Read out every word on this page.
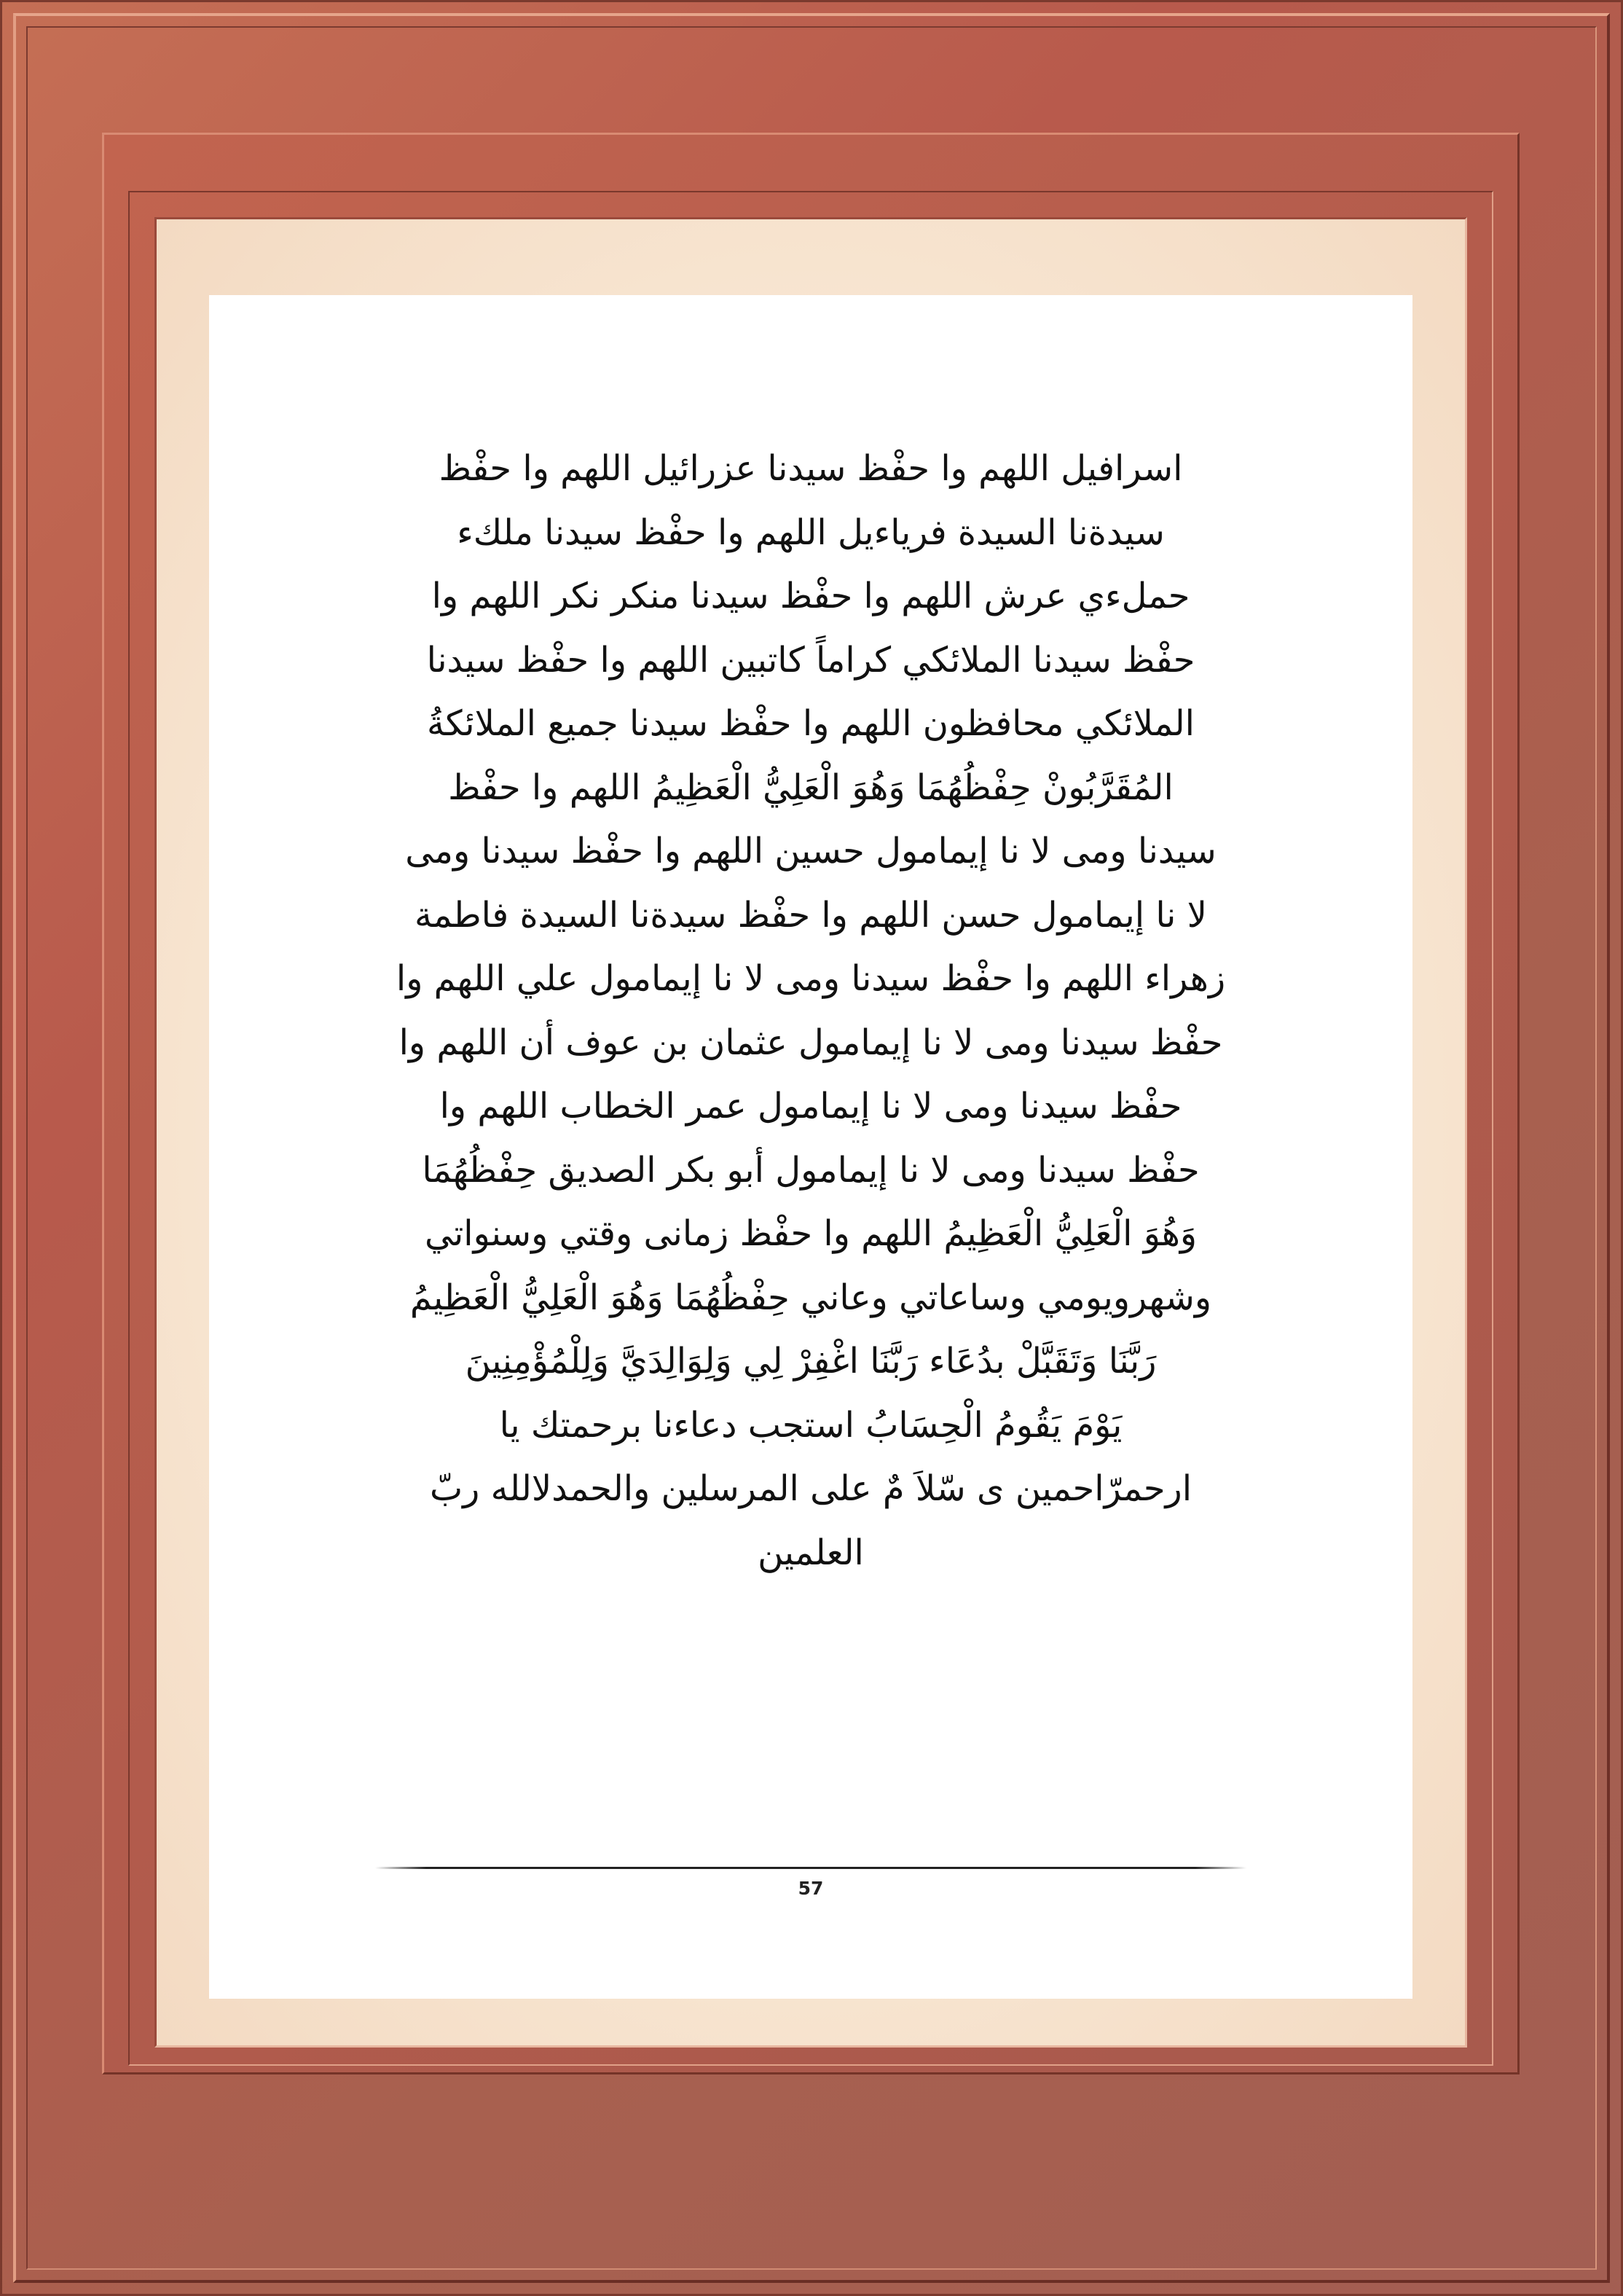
اسرافيل اللهم وا حفْظ سيدنا عزرائيل اللهم وا حفْظ
سيدةنا السيدة فرياءيل اللهم وا حفْظ سيدنا ملكء
حملءي عرش اللهم وا حفْظ سيدنا منكر نكر اللهم وا
حفْظ سيدنا الملائكي كراماً كاتبين اللهم وا حفْظ سيدنا
الملائكي محافظون اللهم وا حفْظ سيدنا جميع الملائكةُ
المُقَرَّبُونْ حِفْظُهُمَا وَهُوَ الْعَلِيُّ الْعَظِيمُ اللهم وا حفْظ
سيدنا ومى لا نا إيمامول حسين اللهم وا حفْظ سيدنا ومى
لا نا إيمامول حسن اللهم وا حفْظ سيدةنا السيدة فاطمة
زهراء اللهم وا حفْظ سيدنا ومى لا نا إيمامول علي اللهم وا
حفْظ سيدنا ومى لا نا إيمامول عثمان بن عوف أن اللهم وا
حفْظ سيدنا ومى لا نا إيمامول عمر الخطاب اللهم وا
حفْظ سيدنا ومى لا نا إيمامول أبو بكر الصديق حِفْظُهُمَا
وَهُوَ الْعَلِيُّ الْعَظِيمُ اللهم وا حفْظ زمانى وقتي وسنواتي
وشهرويومي وساعاتي وعاني حِفْظُهُمَا وَهُوَ الْعَلِيُّ الْعَظِيمُ
رَبَّنَا وَتَقَبَّلْ بدُعَاء رَبَّنَا اغْفِرْ لِي وَلِوَالِدَيَّ وَلِلْمُؤْمِنِينَ
يَوْمَ يَقُومُ الْحِسَابُ استجب دعاءنا برحمتك يا
ارحمرّاحمين ى سّلاَ مٌ على المرسلين والحمدلالله ربّ
العلمين

57
